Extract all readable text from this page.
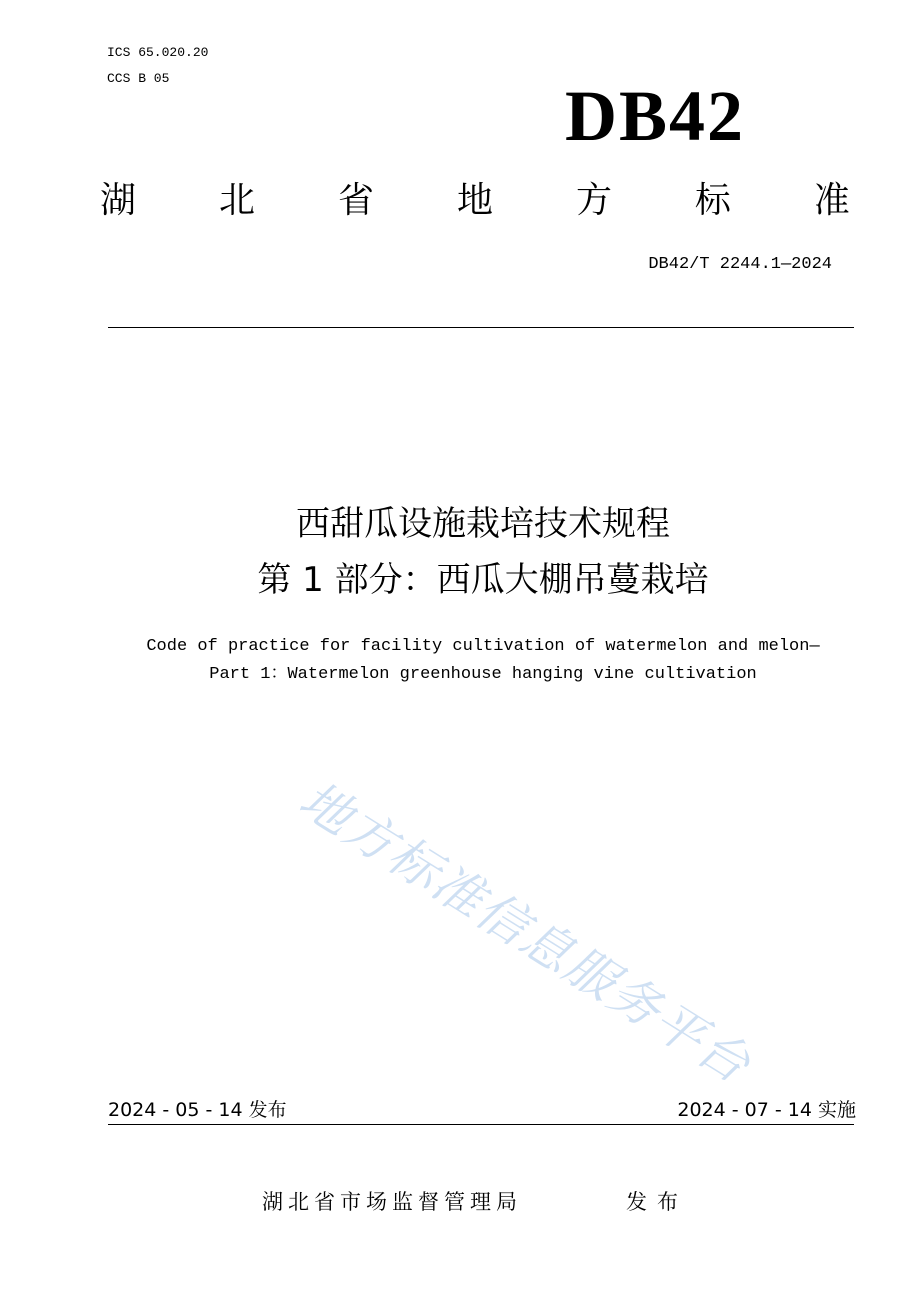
ICS 65.020.20
CCS B 05	DB42
湖 北 省 地 方 标 准
DB42/T 2244.1—2024
西甜瓜设施栽培技术规程
第 1 部分：西瓜大棚吊蔓栽培
Code of practice for facility cultivation of watermelon and melon—
Part 1：Watermelon greenhouse hanging vine cultivation
地方标准信息服务平台
2024 - 05 - 14 发布	2024 - 07 - 14 实施
湖北省市场监督管理局	发布
